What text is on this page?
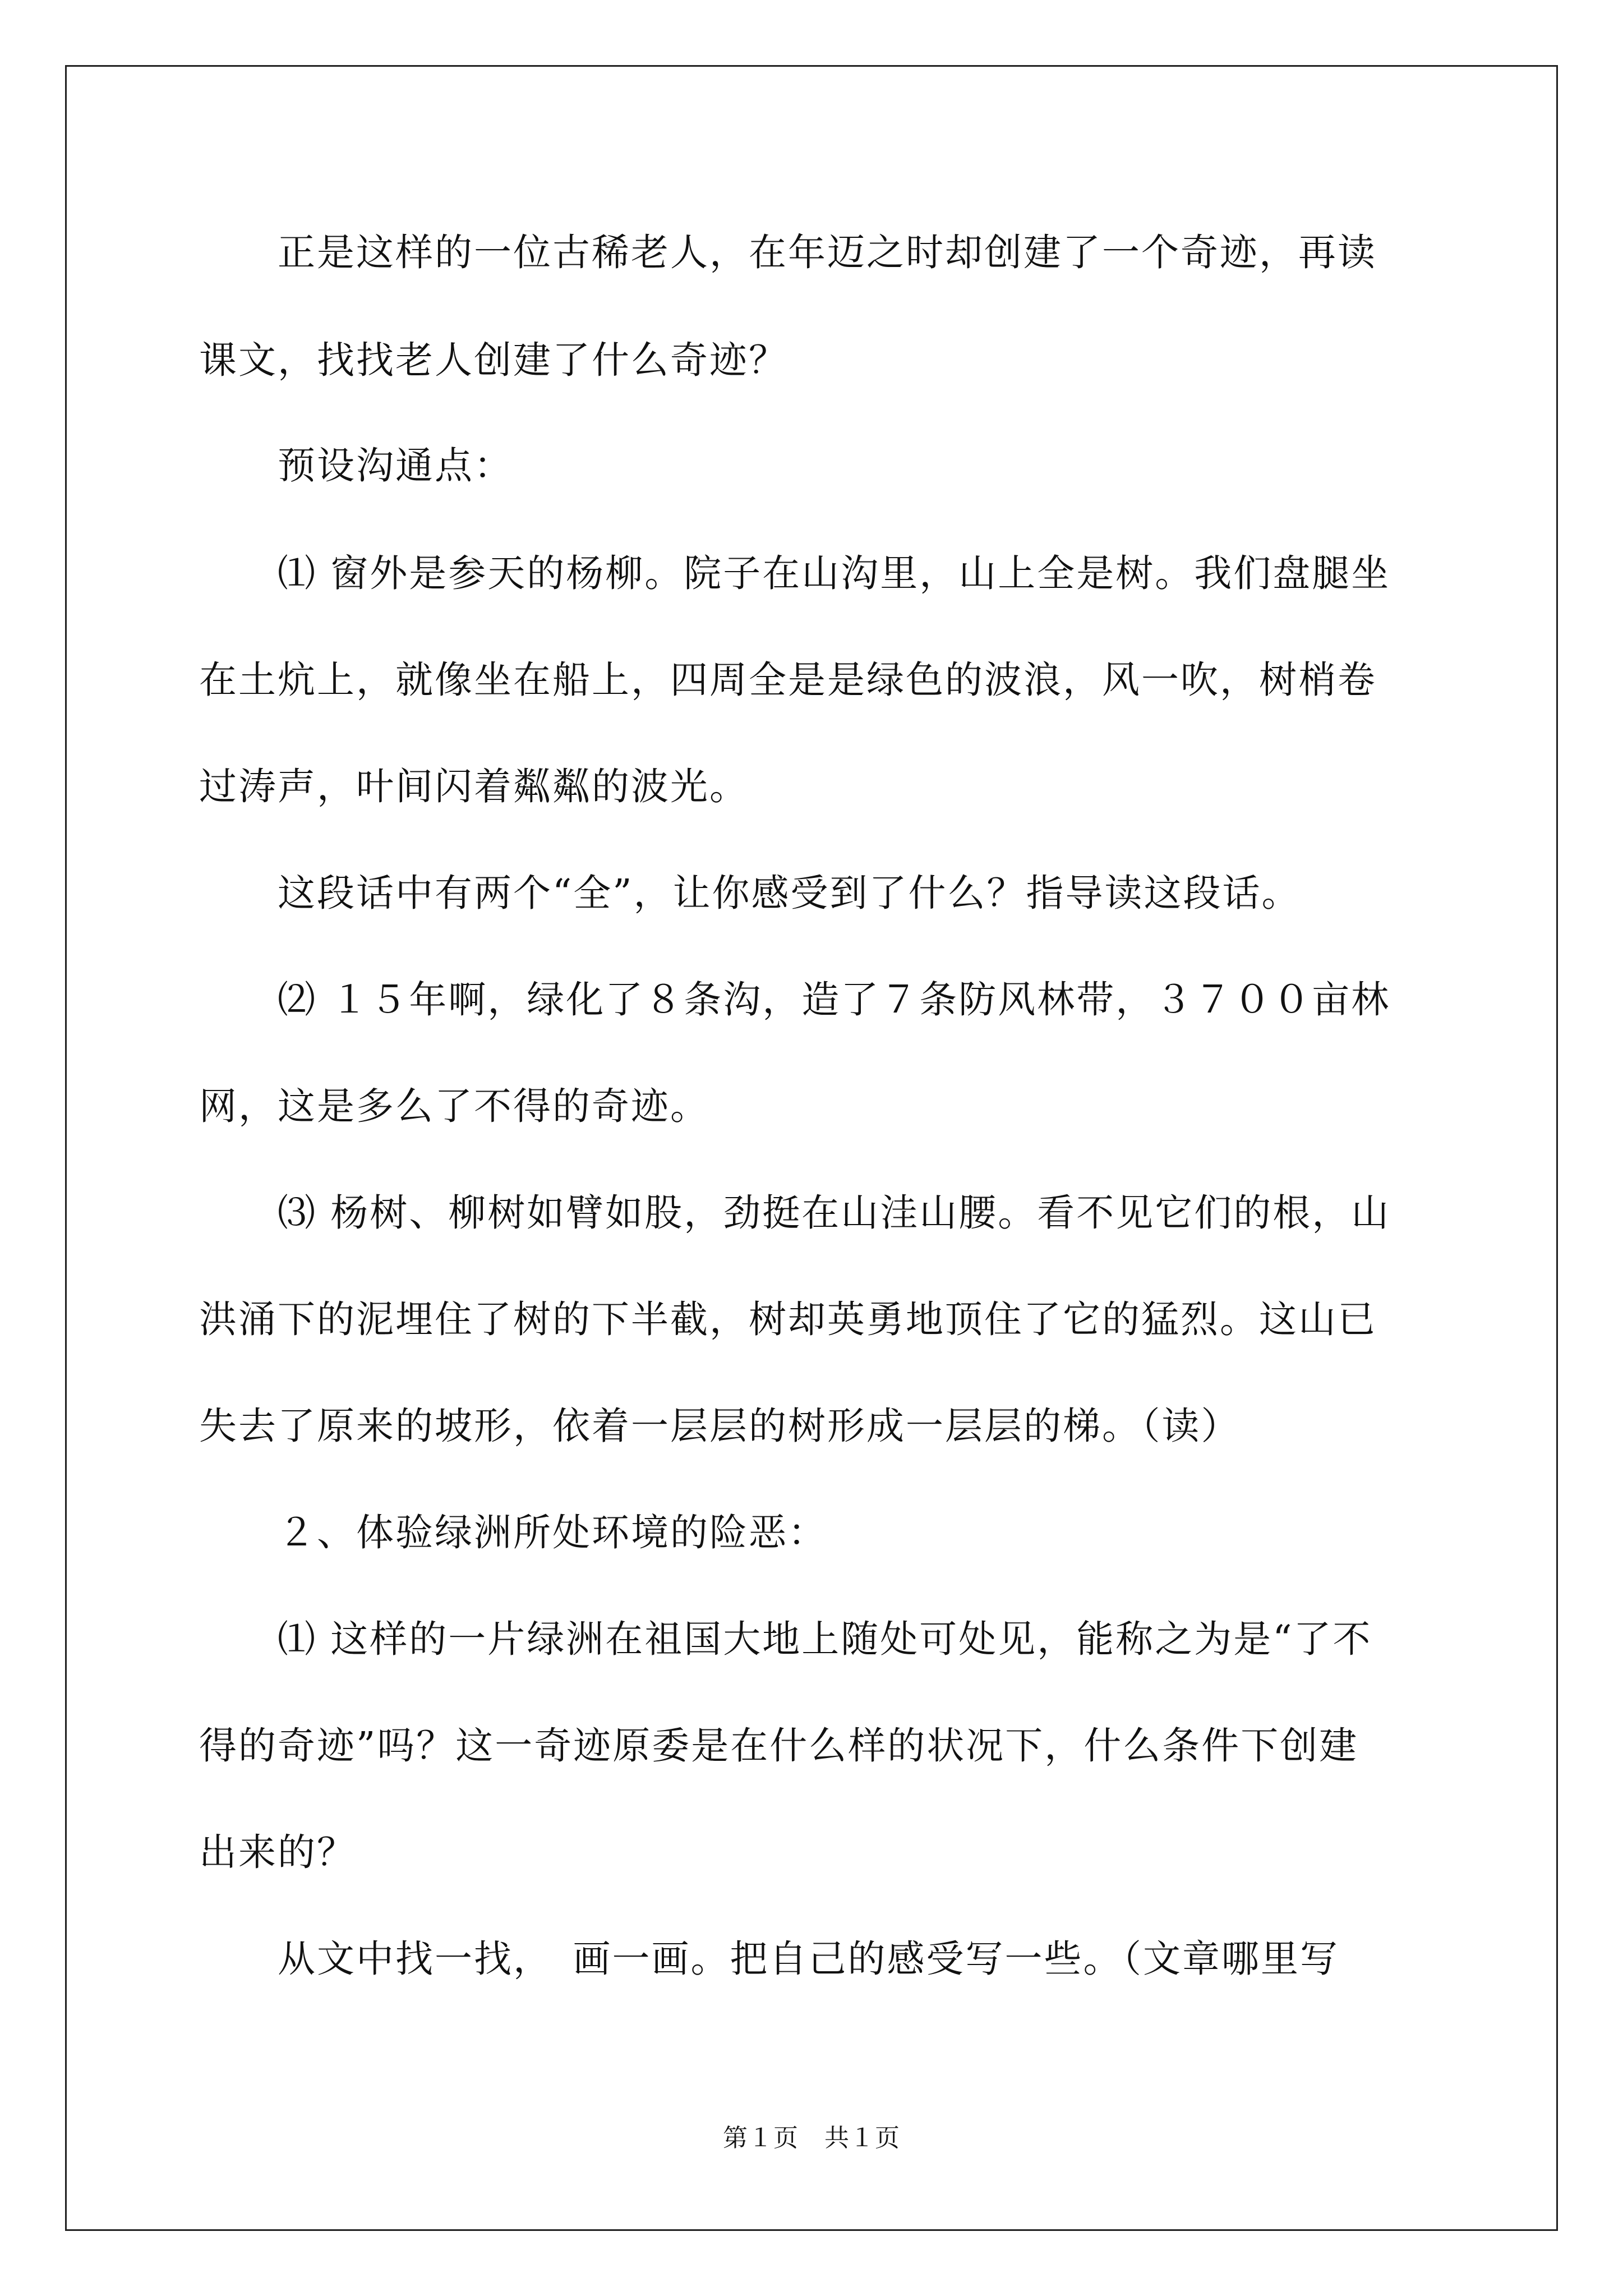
　　正是这样的一位古稀老人，在年迈之时却创建了一个奇迹，再读
课文，找找老人创建了什么奇迹？
　　预设沟通点：
　　⑴ 窗外是参天的杨柳。院子在山沟里，山上全是树。我们盘腿坐
在土炕上，就像坐在船上，四周全是是绿色的波浪，风一吹，树梢卷
过涛声，叶间闪着粼粼的波光。
　　这段话中有两个“全”，让你感受到了什么？指导读这段话。
　　⑵ １５年啊，绿化了８条沟，造了７条防风林带，３７００亩林
网，这是多么了不得的奇迹。
　　⑶ 杨树、柳树如臂如股，劲挺在山洼山腰。看不见它们的根，山
洪涌下的泥埋住了树的下半截，树却英勇地顶住了它的猛烈。这山已
失去了原来的坡形，依着一层层的树形成一层层的梯。（读）
　　２、体验绿洲所处环境的险恶：
　　⑴ 这样的一片绿洲在祖国大地上随处可处见，能称之为是“了不
得的奇迹”吗？这一奇迹原委是在什么样的状况下，什么条件下创建
出来的？
　　从文中找一找，　画一画。把自己的感受写一些。（文章哪里写
第１页 共１页
